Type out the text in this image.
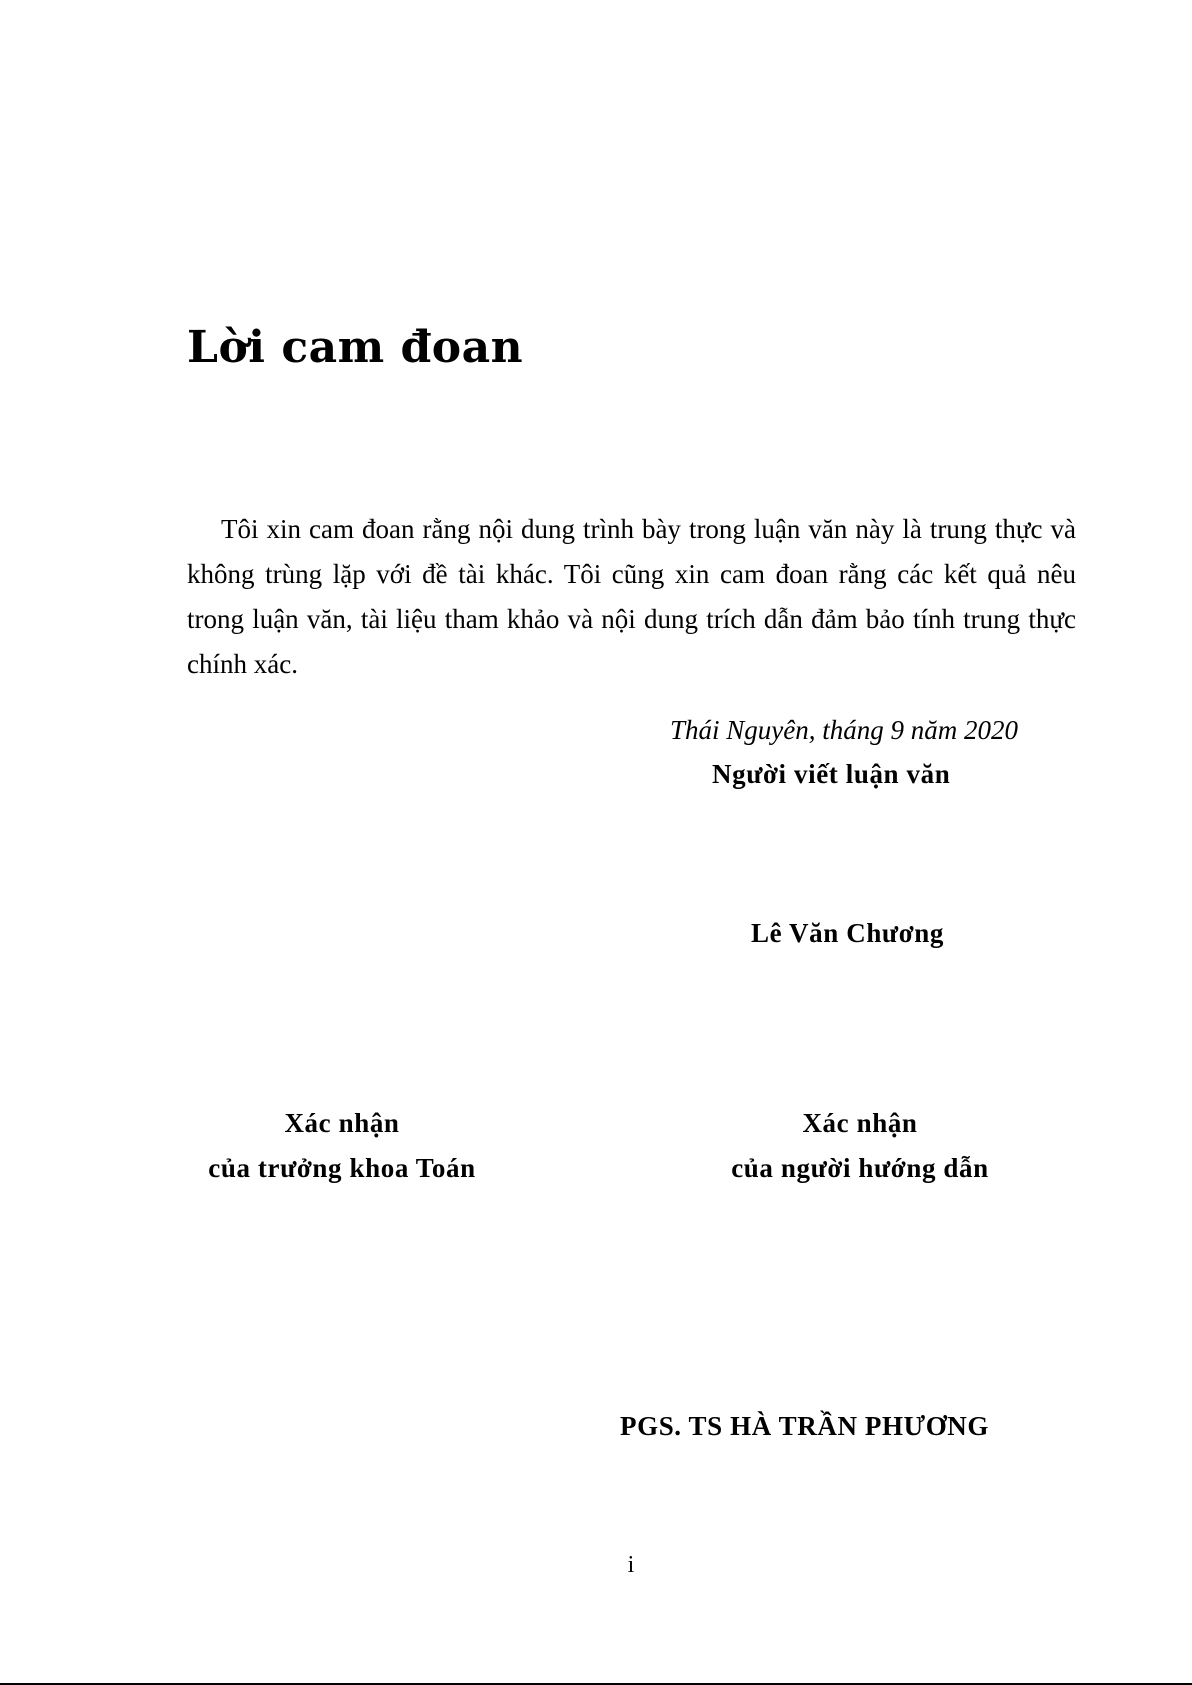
Lời cam đoan

Tôi xin cam đoan rằng nội dung trình bày trong luận văn này là trung thực và không trùng lặp với đề tài khác. Tôi cũng xin cam đoan rằng các kết quả nêu trong luận văn, tài liệu tham khảo và nội dung trích dẫn đảm bảo tính trung thực chính xác.

Thái Nguyên, tháng 9 năm 2020
Người viết luận văn
Lê Văn Chương
Xác nhận
của trưởng khoa Toán
Xác nhận
của người hướng dẫn
PGS. TS HÀ TRẦN PHƯƠNG
i
